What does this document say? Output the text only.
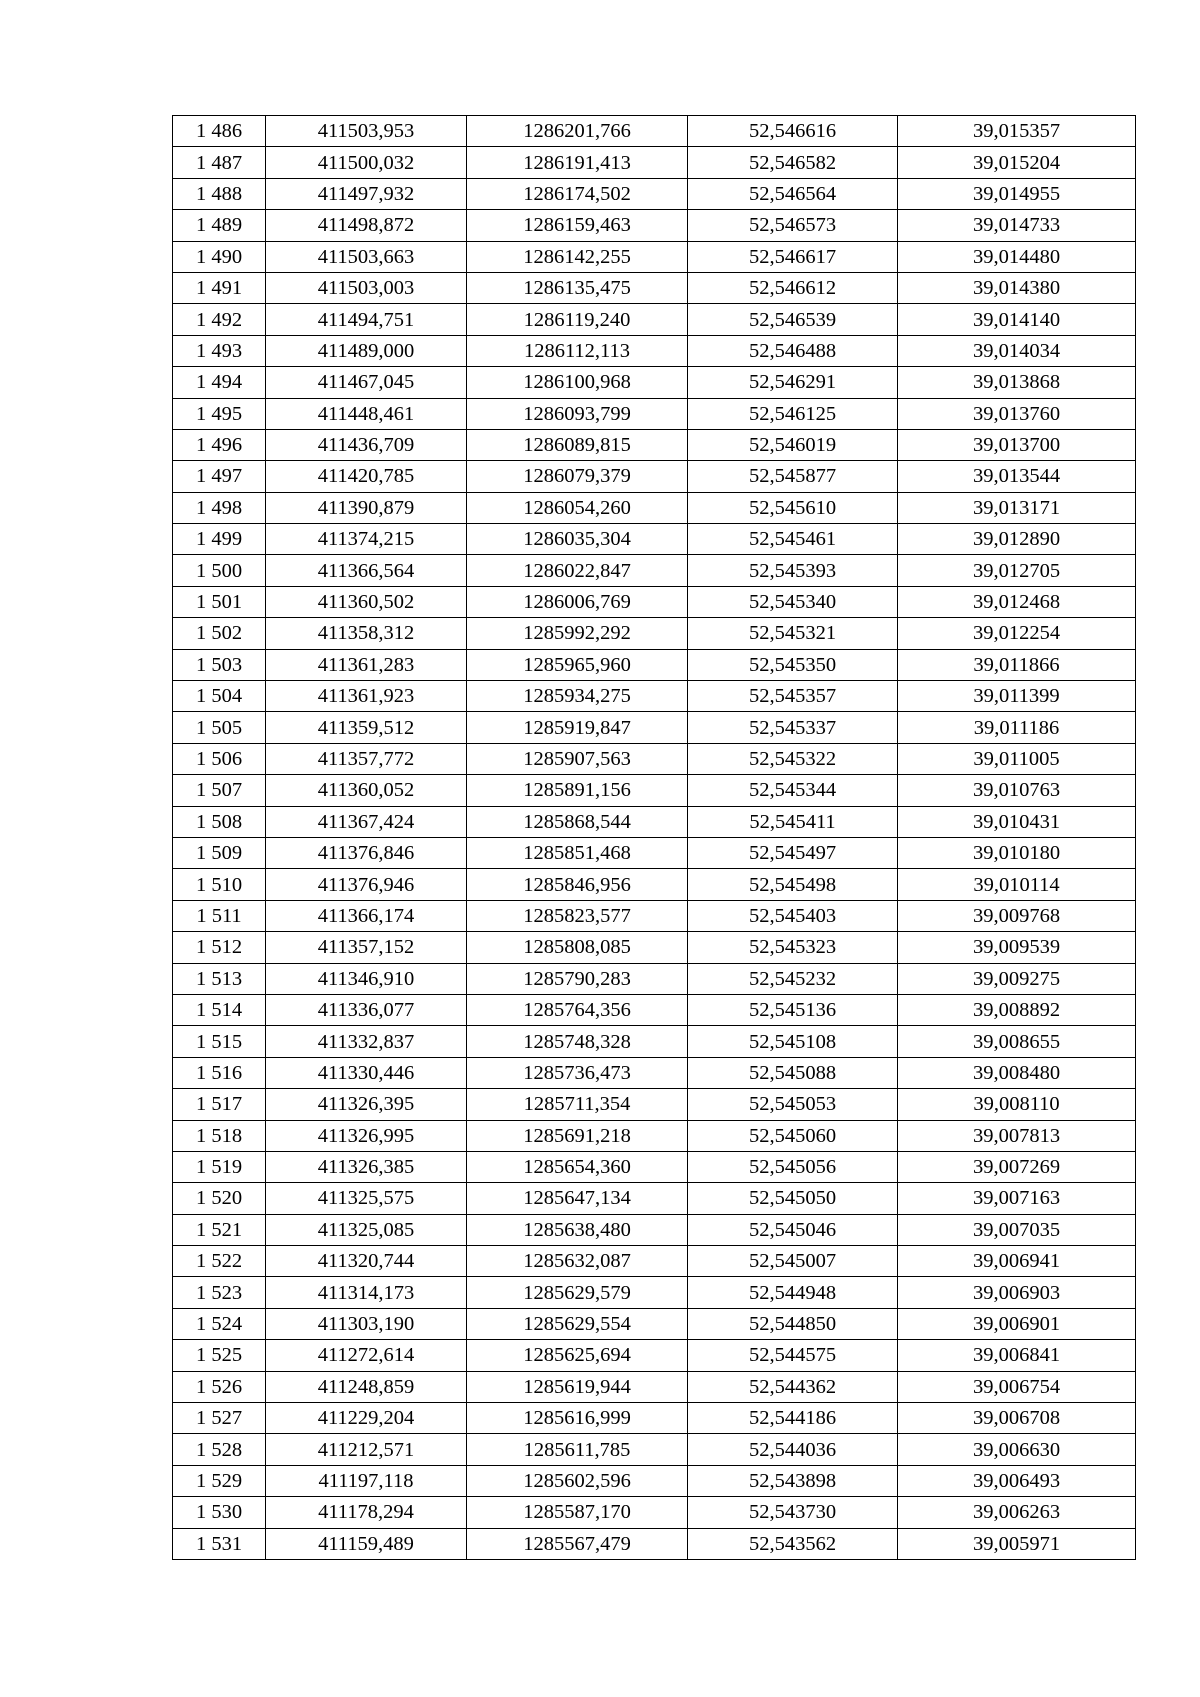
1 486	411503,953	1286201,766	52,546616	39,015357
1 487	411500,032	1286191,413	52,546582	39,015204
1 488	411497,932	1286174,502	52,546564	39,014955
1 489	411498,872	1286159,463	52,546573	39,014733
1 490	411503,663	1286142,255	52,546617	39,014480
1 491	411503,003	1286135,475	52,546612	39,014380
1 492	411494,751	1286119,240	52,546539	39,014140
1 493	411489,000	1286112,113	52,546488	39,014034
1 494	411467,045	1286100,968	52,546291	39,013868
1 495	411448,461	1286093,799	52,546125	39,013760
1 496	411436,709	1286089,815	52,546019	39,013700
1 497	411420,785	1286079,379	52,545877	39,013544
1 498	411390,879	1286054,260	52,545610	39,013171
1 499	411374,215	1286035,304	52,545461	39,012890
1 500	411366,564	1286022,847	52,545393	39,012705
1 501	411360,502	1286006,769	52,545340	39,012468
1 502	411358,312	1285992,292	52,545321	39,012254
1 503	411361,283	1285965,960	52,545350	39,011866
1 504	411361,923	1285934,275	52,545357	39,011399
1 505	411359,512	1285919,847	52,545337	39,011186
1 506	411357,772	1285907,563	52,545322	39,011005
1 507	411360,052	1285891,156	52,545344	39,010763
1 508	411367,424	1285868,544	52,545411	39,010431
1 509	411376,846	1285851,468	52,545497	39,010180
1 510	411376,946	1285846,956	52,545498	39,010114
1 511	411366,174	1285823,577	52,545403	39,009768
1 512	411357,152	1285808,085	52,545323	39,009539
1 513	411346,910	1285790,283	52,545232	39,009275
1 514	411336,077	1285764,356	52,545136	39,008892
1 515	411332,837	1285748,328	52,545108	39,008655
1 516	411330,446	1285736,473	52,545088	39,008480
1 517	411326,395	1285711,354	52,545053	39,008110
1 518	411326,995	1285691,218	52,545060	39,007813
1 519	411326,385	1285654,360	52,545056	39,007269
1 520	411325,575	1285647,134	52,545050	39,007163
1 521	411325,085	1285638,480	52,545046	39,007035
1 522	411320,744	1285632,087	52,545007	39,006941
1 523	411314,173	1285629,579	52,544948	39,006903
1 524	411303,190	1285629,554	52,544850	39,006901
1 525	411272,614	1285625,694	52,544575	39,006841
1 526	411248,859	1285619,944	52,544362	39,006754
1 527	411229,204	1285616,999	52,544186	39,006708
1 528	411212,571	1285611,785	52,544036	39,006630
1 529	411197,118	1285602,596	52,543898	39,006493
1 530	411178,294	1285587,170	52,543730	39,006263
1 531	411159,489	1285567,479	52,543562	39,005971
